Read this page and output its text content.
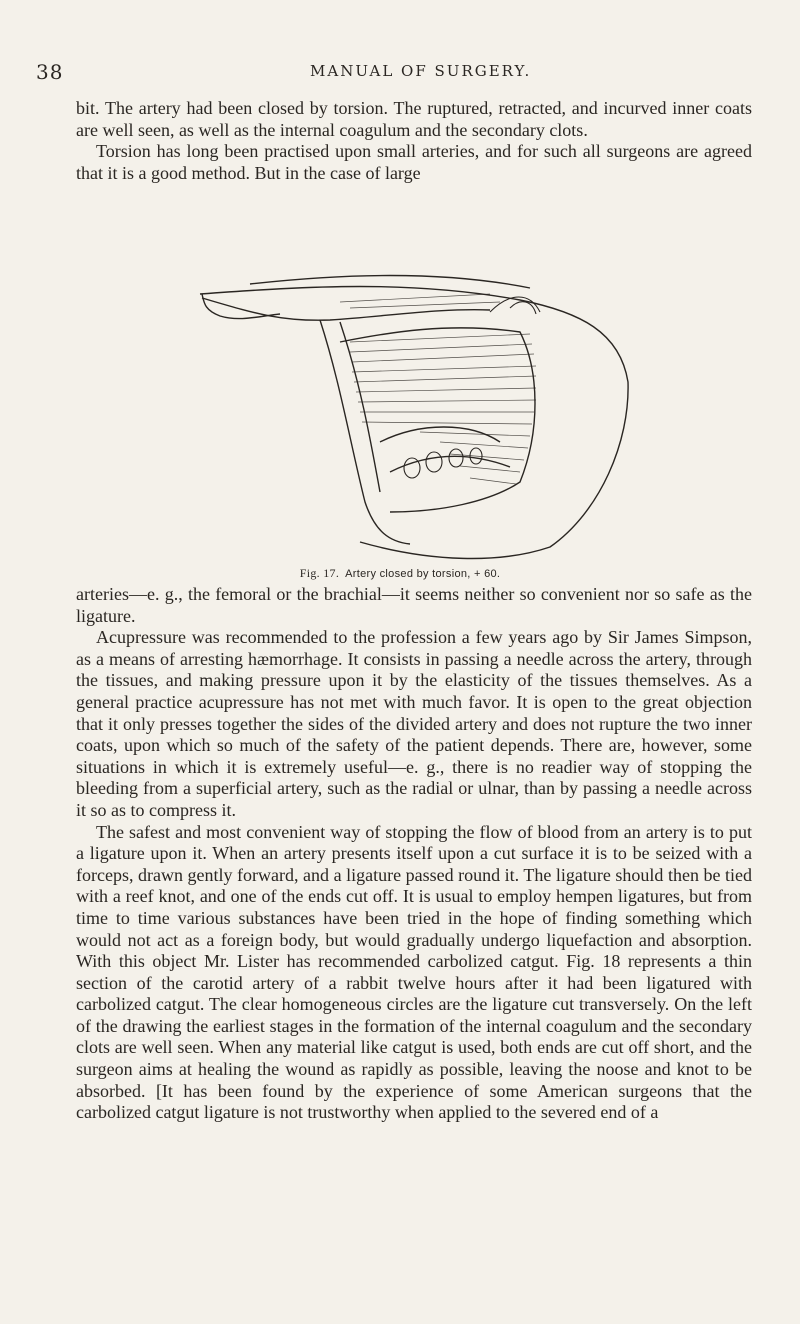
38	MANUAL OF SURGERY.

bit. The artery had been closed by torsion. The ruptured, retracted, and incurved inner coats are well seen, as well as the internal coagulum and the secondary clots.

Torsion has long been practised upon small arteries, and for such all surgeons are agreed that it is a good method. But in the case of large

Fig. 17. Artery closed by torsion, + 60.

arteries—e. g., the femoral or the brachial—it seems neither so convenient nor so safe as the ligature.

Acupressure was recommended to the profession a few years ago by Sir James Simpson, as a means of arresting hæmorrhage. It consists in passing a needle across the artery, through the tissues, and making pressure upon it by the elasticity of the tissues themselves. As a general practice acupressure has not met with much favor. It is open to the great objection that it only presses together the sides of the divided artery and does not rupture the two inner coats, upon which so much of the safety of the patient depends. There are, however, some situations in which it is extremely useful—e. g., there is no readier way of stopping the bleeding from a superficial artery, such as the radial or ulnar, than by passing a needle across it so as to compress it.

The safest and most convenient way of stopping the flow of blood from an artery is to put a ligature upon it. When an artery presents itself upon a cut surface it is to be seized with a forceps, drawn gently forward, and a ligature passed round it. The ligature should then be tied with a reef knot, and one of the ends cut off. It is usual to employ hempen ligatures, but from time to time various substances have been tried in the hope of finding something which would not act as a foreign body, but would gradually undergo liquefaction and absorption. With this object Mr. Lister has recommended carbolized catgut. Fig. 18 represents a thin section of the carotid artery of a rabbit twelve hours after it had been ligatured with carbolized catgut. The clear homogeneous circles are the ligature cut transversely. On the left of the drawing the earliest stages in the formation of the internal coagulum and the secondary clots are well seen. When any material like catgut is used, both ends are cut off short, and the surgeon aims at healing the wound as rapidly as possible, leaving the noose and knot to be absorbed. [It has been found by the experience of some American surgeons that the carbolized catgut ligature is not trustworthy when applied to the severed end of a
